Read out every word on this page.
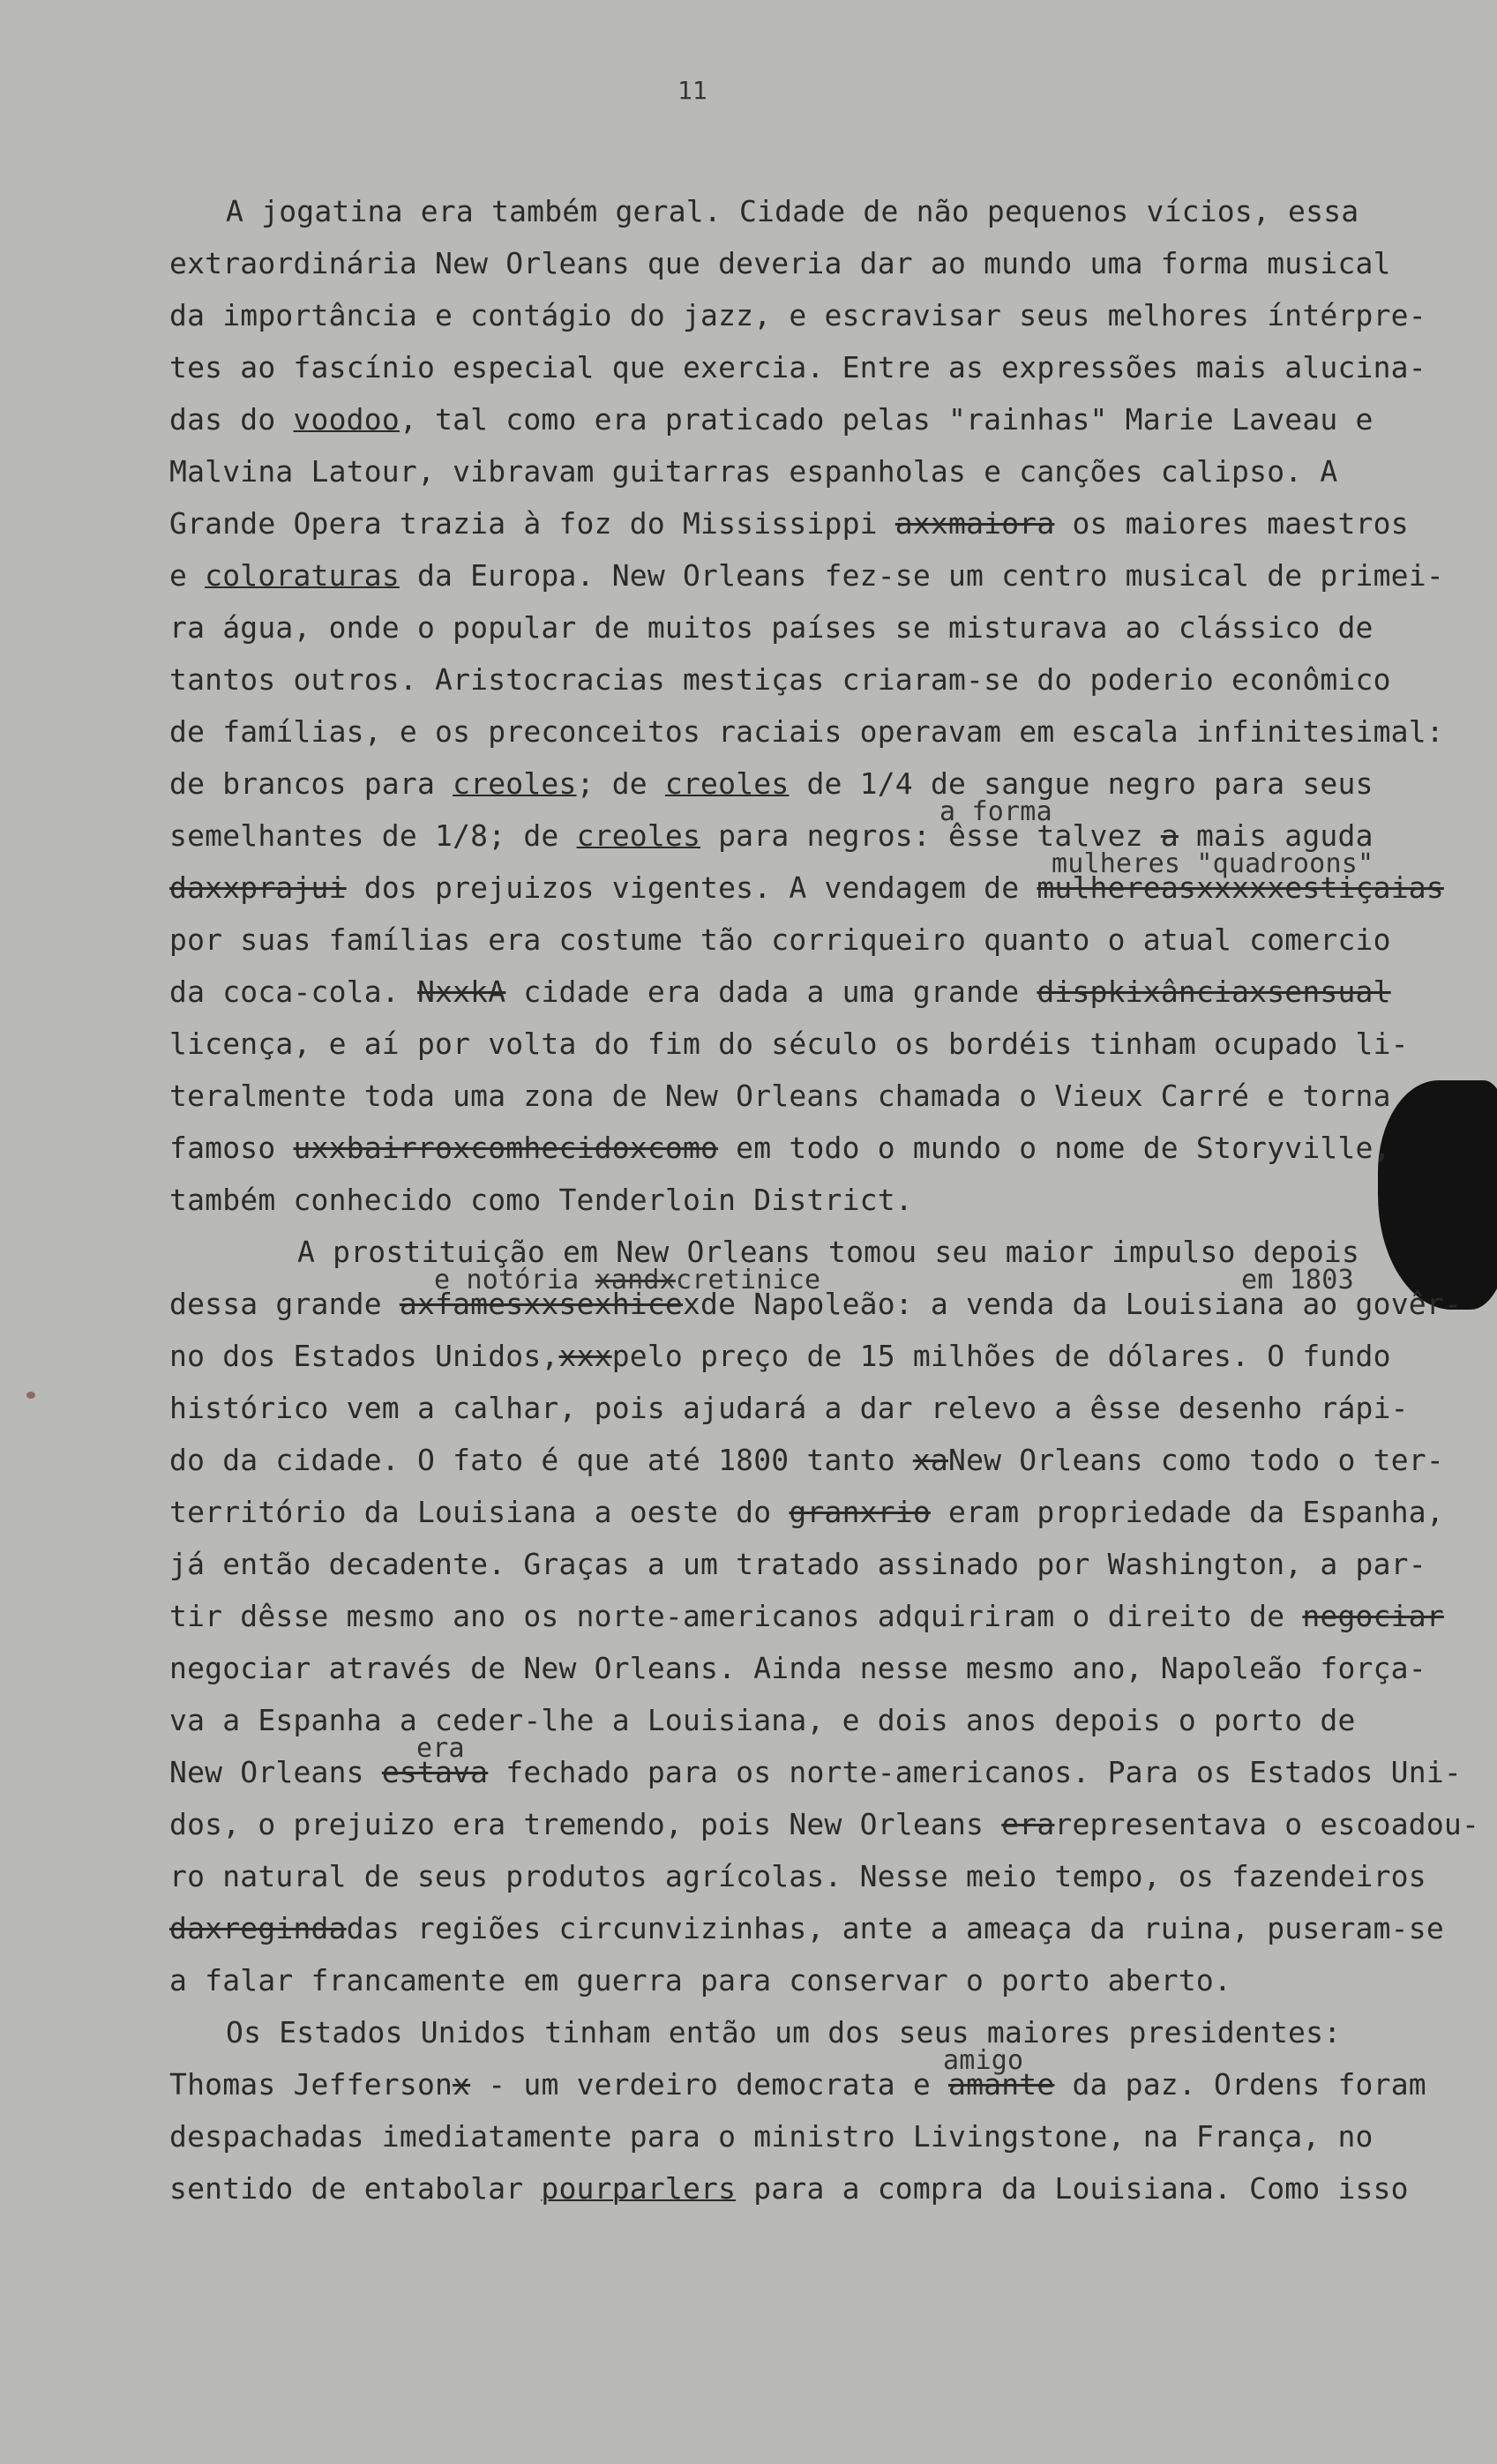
11
A jogatina era também geral. Cidade de não pequenos vícios, essa
extraordinária New Orleans que deveria dar ao mundo uma forma musical
da importância e contágio do jazz, e escravisar seus melhores íntérpre-
tes ao fascínio especial que exercia. Entre as expressões mais alucina-
das do voodoo, tal como era praticado pelas "rainhas" Marie Laveau e
Malvina Latour, vibravam guitarras espanholas e canções calipso. A
Grande Opera trazia à foz do Mississippi axxmaiora os maiores maestros
e coloraturas da Europa. New Orleans fez-se um centro musical de primei-
ra água, onde o popular de muitos países se misturava ao clássico de
tantos outros. Aristocracias mestiças criaram-se do poderio econômico
de famílias, e os preconceitos raciais operavam em escala infinitesimal:
de brancos para creoles; de creoles de 1/4 de sangue negro para seus
a forma
semelhantes de 1/8; de creoles para negros: êsse talvez a mais aguda
mulheres "quadroons"
daxxprajui dos prejuizos vigentes. A vendagem de mulhereasxxxxxestiçaias
por suas famílias era costume tão corriqueiro quanto o atual comercio
da coca-cola. NxxkA cidade era dada a uma grande dispkixânciaxsensual
licença, e aí por volta do fim do século os bordéis tinham ocupado li-
teralmente toda uma zona de New Orleans chamada o Vieux Carré e torna
famoso uxxbairroxcomhecidoxcomo em todo o mundo o nome de Storyville,
também conhecido como Tenderloin District.
A prostituição em New Orleans tomou seu maior impulso depois
e notória xandxcretinice	em 1803
dessa grande axfamesxxsexhicexde Napoleão: a venda da Louisiana ao govêr-
no dos Estados Unidos,xxxpelo preço de 15 milhões de dólares. O fundo
histórico vem a calhar, pois ajudará a dar relevo a êsse desenho rápi-
do da cidade. O fato é que até 1800 tanto xaNew Orleans como todo o ter-
território da Louisiana a oeste do granxrio eram propriedade da Espanha,
já então decadente. Graças a um tratado assinado por Washington, a par-
tir dêsse mesmo ano os norte-americanos adquiriram o direito de negociar
negociar através de New Orleans. Ainda nesse mesmo ano, Napoleão força-
va a Espanha a ceder-lhe a Louisiana, e dois anos depois o porto de
era
New Orleans estava fechado para os norte-americanos. Para os Estados Uni-
dos, o prejuizo era tremendo, pois New Orleans erarepresentava o escoadou-
ro natural de seus produtos agrícolas. Nesse meio tempo, os fazendeiros
daxregindadas regiões circunvizinhas, ante a ameaça da ruina, puseram-se
a falar francamente em guerra para conservar o porto aberto.
Os Estados Unidos tinham então um dos seus maiores presidentes:
amigo
Thomas Jeffersonx - um verdeiro democrata e amante da paz. Ordens foram
despachadas imediatamente para o ministro Livingstone, na França, no
sentido de entabolar pourparlers para a compra da Louisiana. Como isso
